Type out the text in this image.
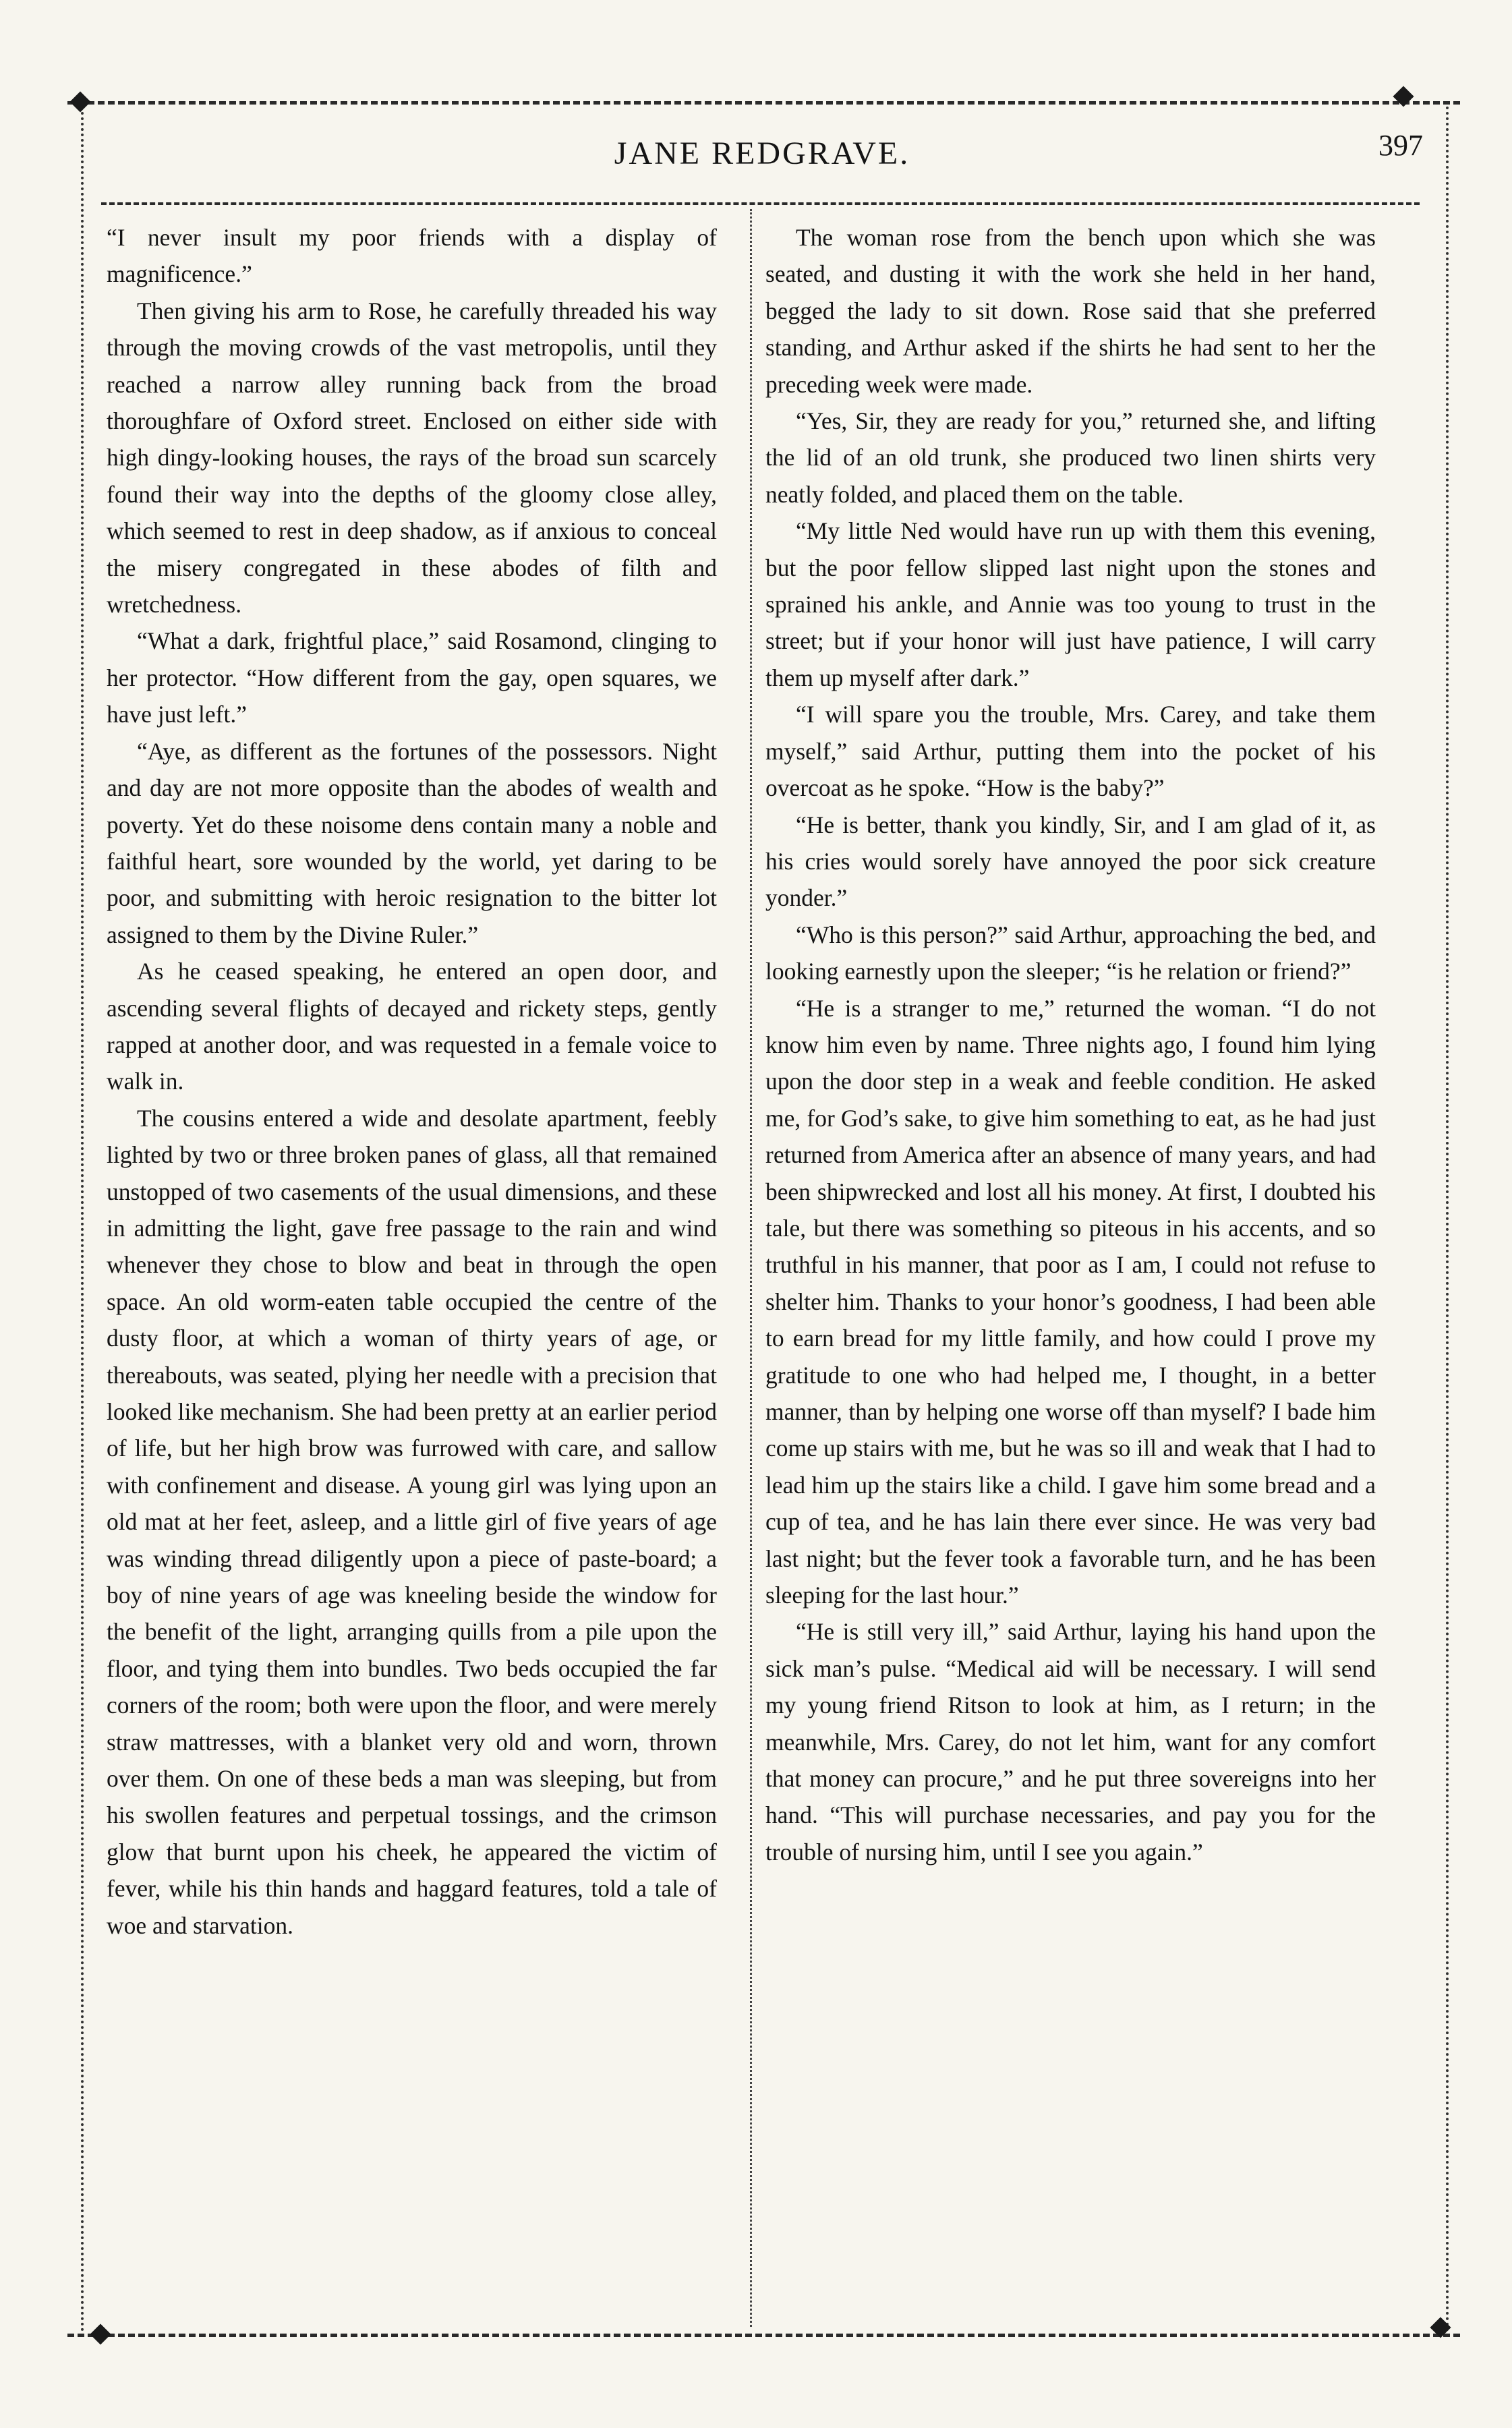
JANE REDGRAVE.	397

“I never insult my poor friends with a display of magnificence.”

Then giving his arm to Rose, he carefully threaded his way through the moving crowds of the vast metropolis, until they reached a narrow alley running back from the broad thoroughfare of Oxford street. Enclosed on either side with high dingy-looking houses, the rays of the broad sun scarcely found their way into the depths of the gloomy close alley, which seemed to rest in deep shadow, as if anxious to conceal the misery congregated in these abodes of filth and wretchedness.

“What a dark, frightful place,” said Rosamond, clinging to her protector. “How different from the gay, open squares, we have just left.”

“Aye, as different as the fortunes of the possessors. Night and day are not more opposite than the abodes of wealth and poverty. Yet do these noisome dens contain many a noble and faithful heart, sore wounded by the world, yet daring to be poor, and submitting with heroic resignation to the bitter lot assigned to them by the Divine Ruler.”

As he ceased speaking, he entered an open door, and ascending several flights of decayed and rickety steps, gently rapped at another door, and was requested in a female voice to walk in.

The cousins entered a wide and desolate apartment, feebly lighted by two or three broken panes of glass, all that remained unstopped of two casements of the usual dimensions, and these in admitting the light, gave free passage to the rain and wind whenever they chose to blow and beat in through the open space. An old worm-eaten table occupied the centre of the dusty floor, at which a woman of thirty years of age, or thereabouts, was seated, plying her needle with a precision that looked like mechanism. She had been pretty at an earlier period of life, but her high brow was furrowed with care, and sallow with confinement and disease. A young girl was lying upon an old mat at her feet, asleep, and a little girl of five years of age was winding thread diligently upon a piece of paste-board; a boy of nine years of age was kneeling beside the window for the benefit of the light, arranging quills from a pile upon the floor, and tying them into bundles. Two beds occupied the far corners of the room; both were upon the floor, and were merely straw mattresses, with a blanket very old and worn, thrown over them. On one of these beds a man was sleeping, but from his swollen features and perpetual tossings, and the crimson glow that burnt upon his cheek, he appeared the victim of fever, while his thin hands and haggard features, told a tale of woe and starvation.

The woman rose from the bench upon which she was seated, and dusting it with the work she held in her hand, begged the lady to sit down. Rose said that she preferred standing, and Arthur asked if the shirts he had sent to her the preceding week were made.

“Yes, Sir, they are ready for you,” returned she, and lifting the lid of an old trunk, she produced two linen shirts very neatly folded, and placed them on the table.

“My little Ned would have run up with them this evening, but the poor fellow slipped last night upon the stones and sprained his ankle, and Annie was too young to trust in the street; but if your honor will just have patience, I will carry them up myself after dark.”

“I will spare you the trouble, Mrs. Carey, and take them myself,” said Arthur, putting them into the pocket of his overcoat as he spoke. “How is the baby?”

“He is better, thank you kindly, Sir, and I am glad of it, as his cries would sorely have annoyed the poor sick creature yonder.”

“Who is this person?” said Arthur, approaching the bed, and looking earnestly upon the sleeper; “is he relation or friend?”

“He is a stranger to me,” returned the woman. “I do not know him even by name. Three nights ago, I found him lying upon the door step in a weak and feeble condition. He asked me, for God’s sake, to give him something to eat, as he had just returned from America after an absence of many years, and had been shipwrecked and lost all his money. At first, I doubted his tale, but there was something so piteous in his accents, and so truthful in his manner, that poor as I am, I could not refuse to shelter him. Thanks to your honor’s goodness, I had been able to earn bread for my little family, and how could I prove my gratitude to one who had helped me, I thought, in a better manner, than by helping one worse off than myself? I bade him come up stairs with me, but he was so ill and weak that I had to lead him up the stairs like a child. I gave him some bread and a cup of tea, and he has lain there ever since. He was very bad last night; but the fever took a favorable turn, and he has been sleeping for the last hour.”

“He is still very ill,” said Arthur, laying his hand upon the sick man’s pulse. “Medical aid will be necessary. I will send my young friend Ritson to look at him, as I return; in the meanwhile, Mrs. Carey, do not let him, want for any comfort that money can procure,” and he put three sovereigns into her hand. “This will purchase necessaries, and pay you for the trouble of nursing him, until I see you again.”
